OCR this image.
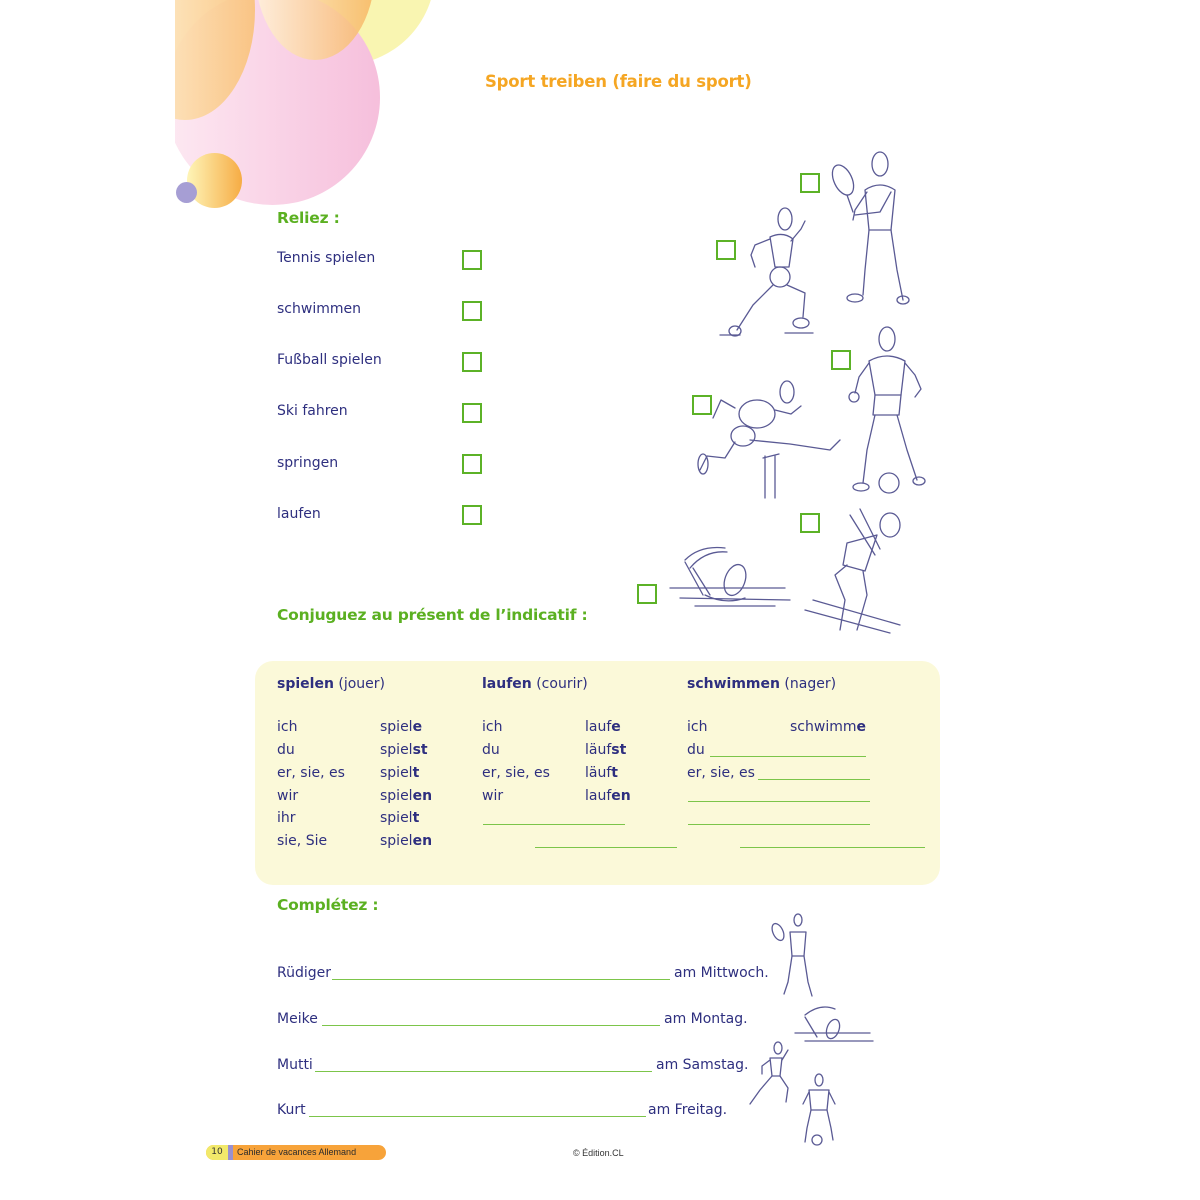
Sport treiben (faire du sport)
Reliez :
Tennis spielen
schwimmen
Fußball spielen
Ski fahren
springen
laufen
Conjuguez au présent de l’indicatif :
spielen (jouer)
ich	spiele
du	spielst
er, sie, es	spielt
wir	spielen
ihr	spielt
sie, Sie	spielen
laufen (courir)
ich	laufe
du	läufst
er, sie, es	läuft
wir	laufen
schwimmen (nager)
ich	schwimme
du
er, sie, es
Complétez :
Rüdiger	am Mittwoch.
Meike	am Montag.
Mutti	am Samstag.
Kurt	am Freitag.
10	Cahier de vacances Allemand	© Édition.CL
